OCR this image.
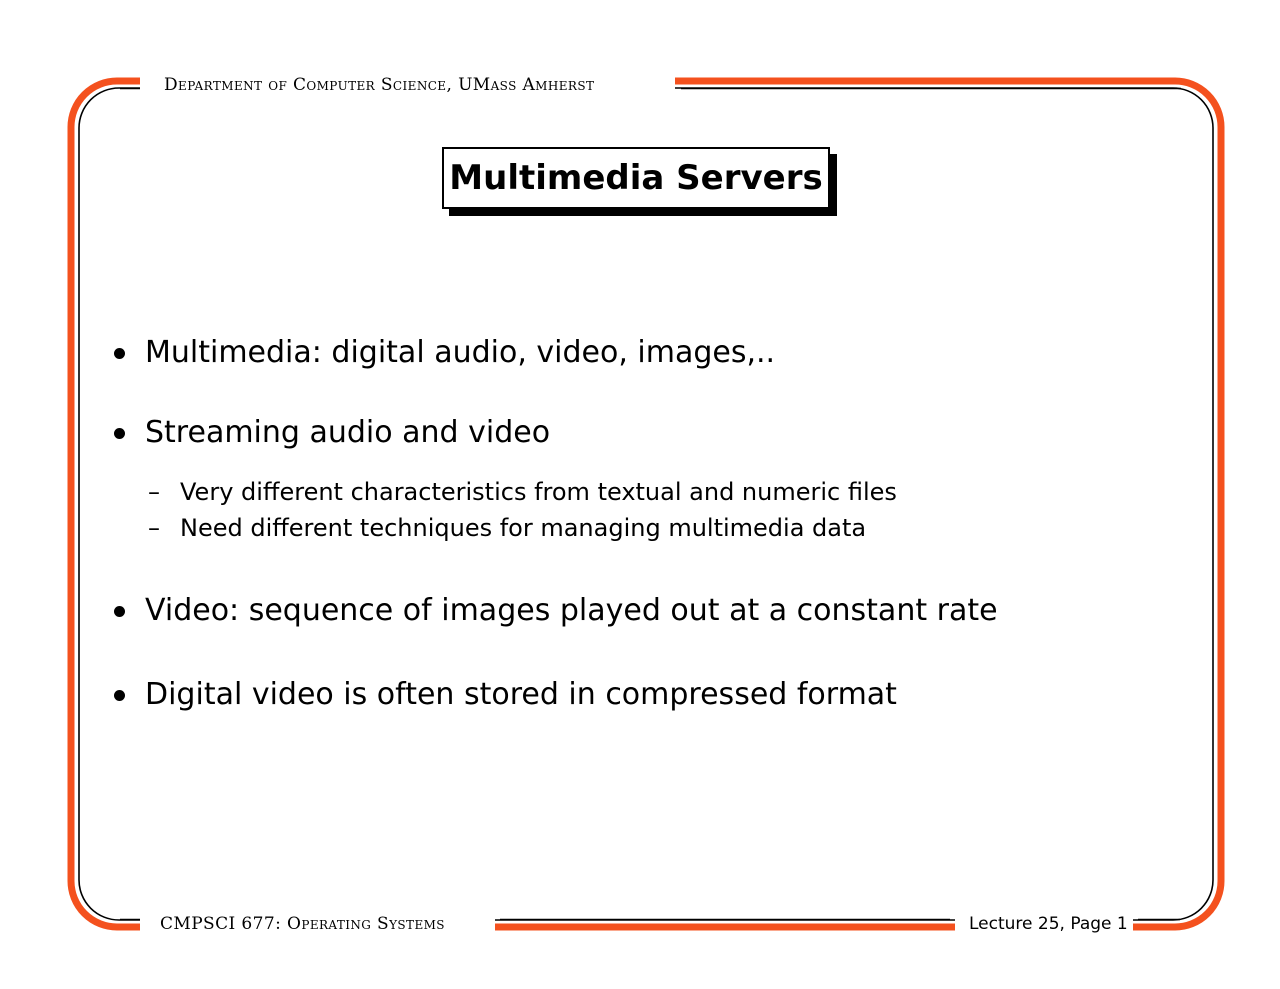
Department of Computer Science, UMass Amherst
Multimedia Servers
Multimedia: digital audio, video, images,..
Streaming audio and video
– Very different characteristics from textual and numeric files
– Need different techniques for managing multimedia data
Video: sequence of images played out at a constant rate
Digital video is often stored in compressed format
CMPSCI 677: Operating Systems	Lecture 25, Page 1
